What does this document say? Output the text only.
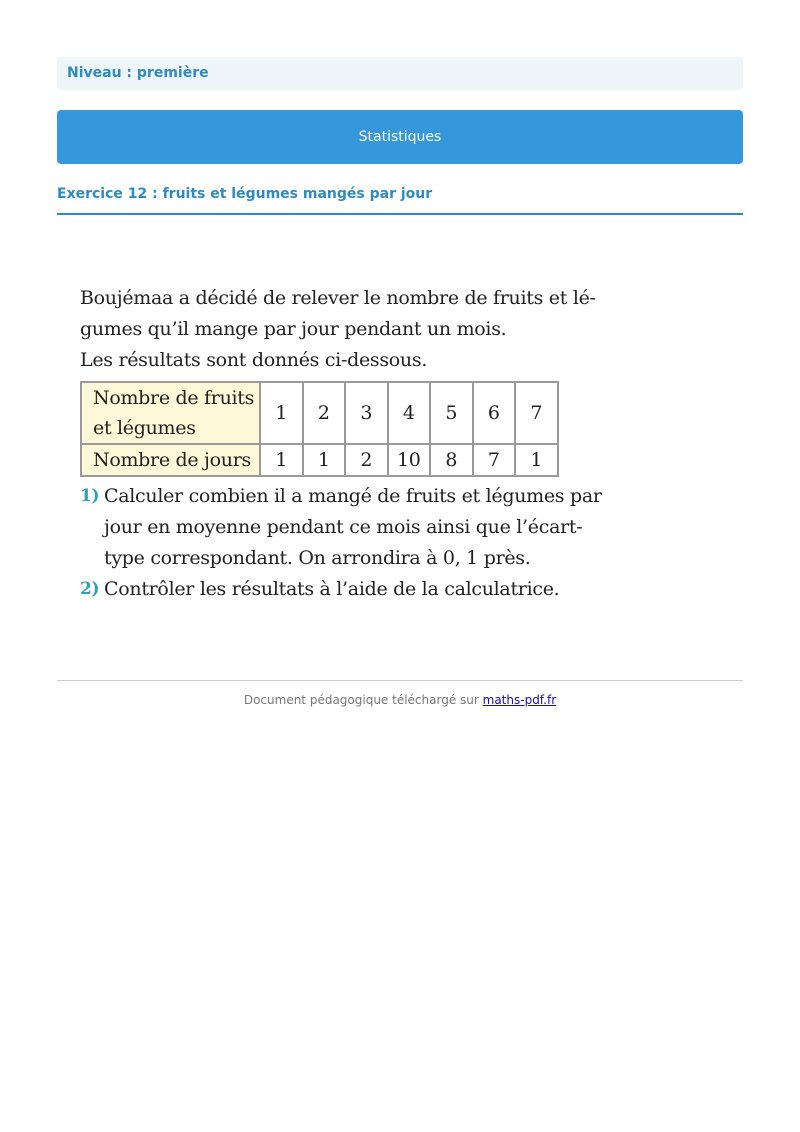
Niveau : première
Statistiques
Exercice 12 : fruits et légumes mangés par jour
Boujémaa a décidé de relever le nombre de fruits et lé-
gumes qu’il mange par jour pendant un mois.
Les résultats sont donnés ci-dessous.
Nombre de fruits
et légumes	1	2	3	4	5	6	7
Nombre de jours	1	1	2	10	8	7	1
1) Calculer combien il a mangé de fruits et légumes par
jour en moyenne pendant ce mois ainsi que l’écart-
type correspondant. On arrondira à 0, 1 près.
2) Contrôler les résultats à l’aide de la calculatrice.
Document pédagogique téléchargé sur maths-pdf.fr
